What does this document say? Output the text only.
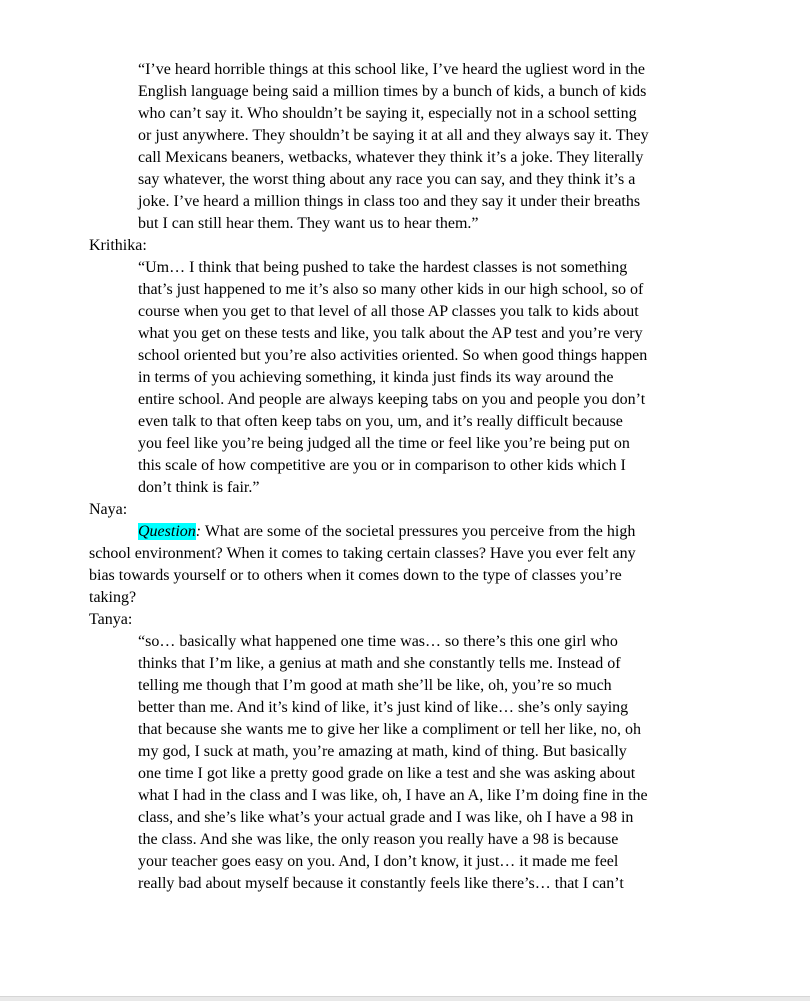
“I’ve heard horrible things at this school like, I’ve heard the ugliest word in the
English language being said a million times by a bunch of kids, a bunch of kids
who can’t say it. Who shouldn’t be saying it, especially not in a school setting
or just anywhere. They shouldn’t be saying it at all and they always say it. They
call Mexicans beaners, wetbacks, whatever they think it’s a joke. They literally
say whatever, the worst thing about any race you can say, and they think it’s a
joke. I’ve heard a million things in class too and they say it under their breaths
but I can still hear them. They want us to hear them.”
Krithika:
“Um… I think that being pushed to take the hardest classes is not something
that’s just happened to me it’s also so many other kids in our high school, so of
course when you get to that level of all those AP classes you talk to kids about
what you get on these tests and like, you talk about the AP test and you’re very
school oriented but you’re also activities oriented. So when good things happen
in terms of you achieving something, it kinda just finds its way around the
entire school. And people are always keeping tabs on you and people you don’t
even talk to that often keep tabs on you, um, and it’s really difficult because
you feel like you’re being judged all the time or feel like you’re being put on
this scale of how competitive are you or in comparison to other kids which I
don’t think is fair.”
Naya:
Question: What are some of the societal pressures you perceive from the high
school environment? When it comes to taking certain classes? Have you ever felt any
bias towards yourself or to others when it comes down to the type of classes you’re
taking?
Tanya:
“so… basically what happened one time was… so there’s this one girl who
thinks that I’m like, a genius at math and she constantly tells me. Instead of
telling me though that I’m good at math she’ll be like, oh, you’re so much
better than me. And it’s kind of like, it’s just kind of like… she’s only saying
that because she wants me to give her like a compliment or tell her like, no, oh
my god, I suck at math, you’re amazing at math, kind of thing. But basically
one time I got like a pretty good grade on like a test and she was asking about
what I had in the class and I was like, oh, I have an A, like I’m doing fine in the
class, and she’s like what’s your actual grade and I was like, oh I have a 98 in
the class. And she was like, the only reason you really have a 98 is because
your teacher goes easy on you. And, I don’t know, it just… it made me feel
really bad about myself because it constantly feels like there’s… that I can’t
